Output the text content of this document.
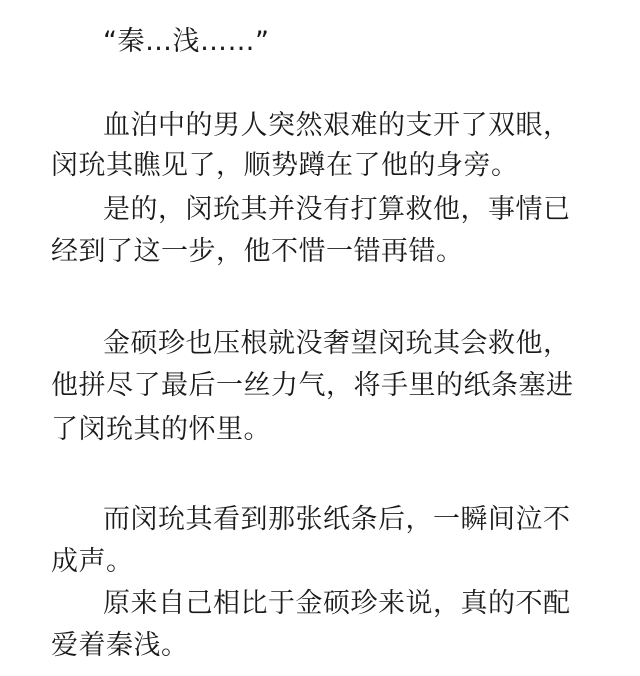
“秦…浅……”
血泊中的男人突然艰难的支开了双眼，
闵玧其瞧见了，顺势蹲在了他的身旁。
是的，闵玧其并没有打算救他，事情已
经到了这一步，他不惜一错再错。
金硕珍也压根就没奢望闵玧其会救他，
他拼尽了最后一丝力气，将手里的纸条塞进
了闵玧其的怀里。
而闵玧其看到那张纸条后，一瞬间泣不
成声。
原来自己相比于金硕珍来说，真的不配
爱着秦浅。
